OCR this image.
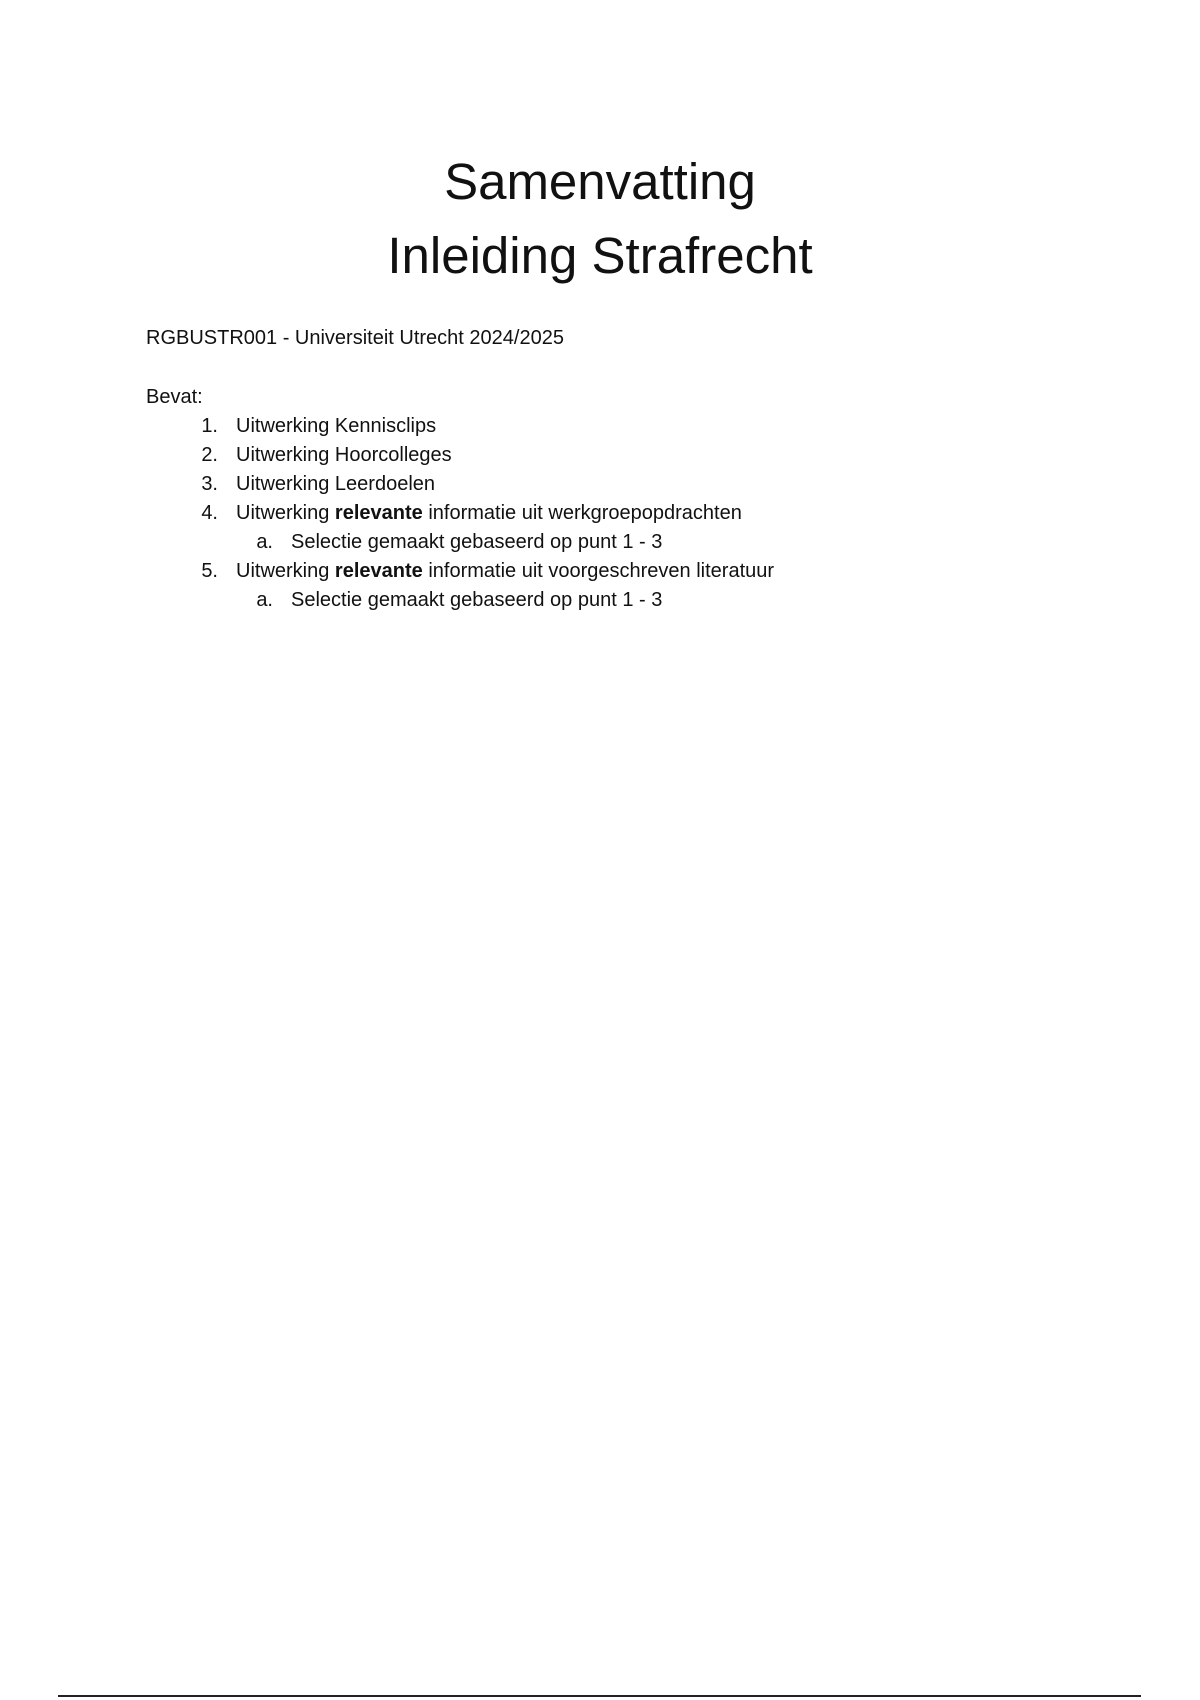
Samenvatting
Inleiding Strafrecht
RGBUSTR001 - Universiteit Utrecht 2024/2025
Bevat:
1. Uitwerking Kennisclips
2. Uitwerking Hoorcolleges
3. Uitwerking Leerdoelen
4. Uitwerking relevante informatie uit werkgroepopdrachten
a. Selectie gemaakt gebaseerd op punt 1 - 3
5. Uitwerking relevante informatie uit voorgeschreven literatuur
a. Selectie gemaakt gebaseerd op punt 1 - 3
